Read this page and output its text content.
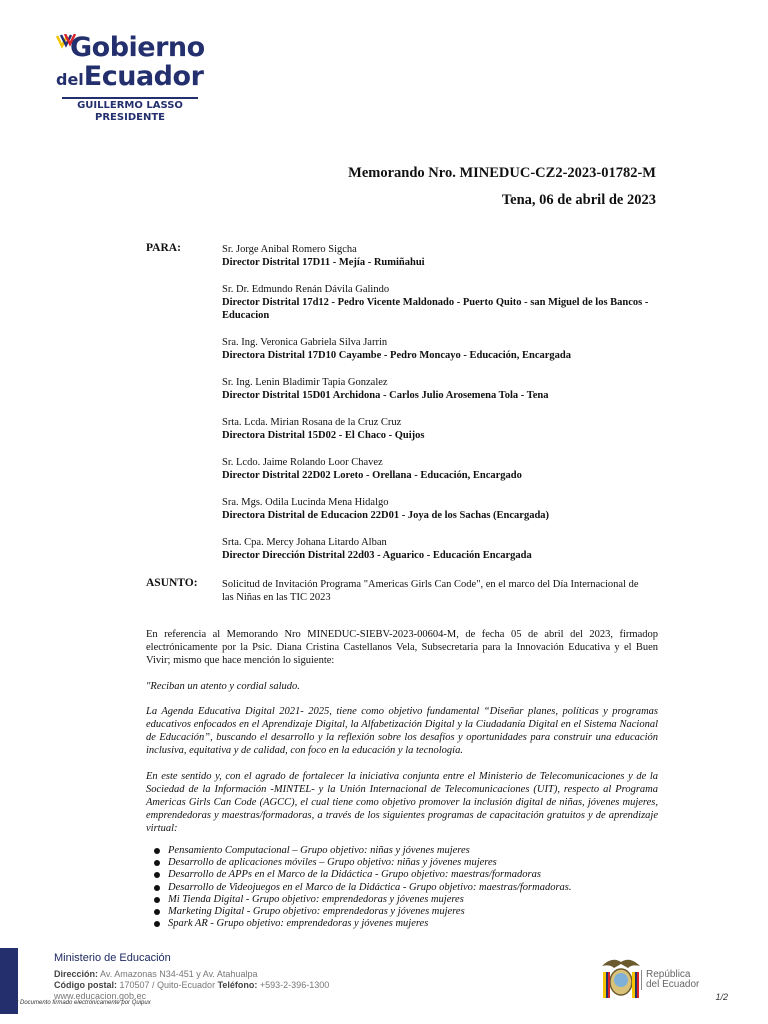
Gobierno
delEcuador
GUILLERMO LASSO
PRESIDENTE
Memorando Nro. MINEDUC-CZ2-2023-01782-M
Tena, 06 de abril de 2023
PARA:	Sr. Jorge Anibal Romero Sigcha
Director Distrital 17D11 - Mejía - Rumiñahui
Sr. Dr. Edmundo Renán Dávila Galindo
Director Distrital 17d12 - Pedro Vicente Maldonado - Puerto Quito - san Miguel de los Bancos - Educacion
Sra. Ing. Veronica Gabriela Silva Jarrin
Directora Distrital 17D10 Cayambe - Pedro Moncayo - Educación, Encargada
Sr. Ing. Lenin Bladimir Tapia Gonzalez
Director Distrital 15D01 Archidona - Carlos Julio Arosemena Tola - Tena
Srta. Lcda. Mirian Rosana de la Cruz Cruz
Directora Distrital 15D02 - El Chaco - Quijos
Sr. Lcdo. Jaime Rolando Loor Chavez
Director Distrital 22D02 Loreto - Orellana - Educación, Encargado
Sra. Mgs. Odila Lucinda Mena Hidalgo
Directora Distrital de Educacion 22D01 - Joya de los Sachas (Encargada)
Srta. Cpa. Mercy Johana Litardo Alban
Director Dirección Distrital 22d03 - Aguarico - Educación Encargada
ASUNTO: Solicitud de Invitación Programa "Americas Girls Can Code", en el marco del Día Internacional de las Niñas en las TIC 2023
En referencia al Memorando Nro MINEDUC-SIEBV-2023-00604-M, de fecha 05 de abril del 2023, firmadop electrónicamente por la Psic. Diana Cristina Castellanos Vela, Subsecretaria para la Innovación Educativa y el Buen Vivir; mismo que hace mención lo siguiente:
"Reciban un atento y cordial saludo.
La Agenda Educativa Digital 2021- 2025, tiene como objetivo fundamental “Diseñar planes, políticas y programas educativos enfocados en el Aprendizaje Digital, la Alfabetización Digital y la Ciudadanía Digital en el Sistema Nacional de Educación”, buscando el desarrollo y la reflexión sobre los desafíos y oportunidades para construir una educación inclusiva, equitativa y de calidad, con foco en la educación y la tecnología.
En este sentido y, con el agrado de fortalecer la iniciativa conjunta entre el Ministerio de Telecomunicaciones y de la Sociedad de la Información -MINTEL- y la Unión Internacional de Telecomunicaciones (UIT), respecto al Programa Americas Girls Can Code (AGCC), el cual tiene como objetivo promover la inclusión digital de niñas, jóvenes mujeres, emprendedoras y maestras/formadoras, a través de los siguientes programas de capacitación gratuitos y de aprendizaje virtual:
Pensamiento Computacional – Grupo objetivo: niñas y jóvenes mujeres
Desarrollo de aplicaciones móviles – Grupo objetivo: niñas y jóvenes mujeres
Desarrollo de APPs en el Marco de la Didáctica - Grupo objetivo: maestras/formadoras
Desarrollo de Videojuegos en el Marco de la Didáctica - Grupo objetivo: maestras/formadoras.
Mi Tienda Digital - Grupo objetivo: emprendedoras y jóvenes mujeres
Marketing Digital - Grupo objetivo: emprendedoras y jóvenes mujeres
Spark AR - Grupo objetivo: emprendedoras y jóvenes mujeres
Ministerio de Educación
Dirección: Av. Amazonas N34-451 y Av. Atahualpa
Código postal: 170507 / Quito-Ecuador Teléfono: +593-2-396-1300
www.educacion.gob.ec
República
del Ecuador
1/2
* Documento firmado electrónicamente por Quipux
